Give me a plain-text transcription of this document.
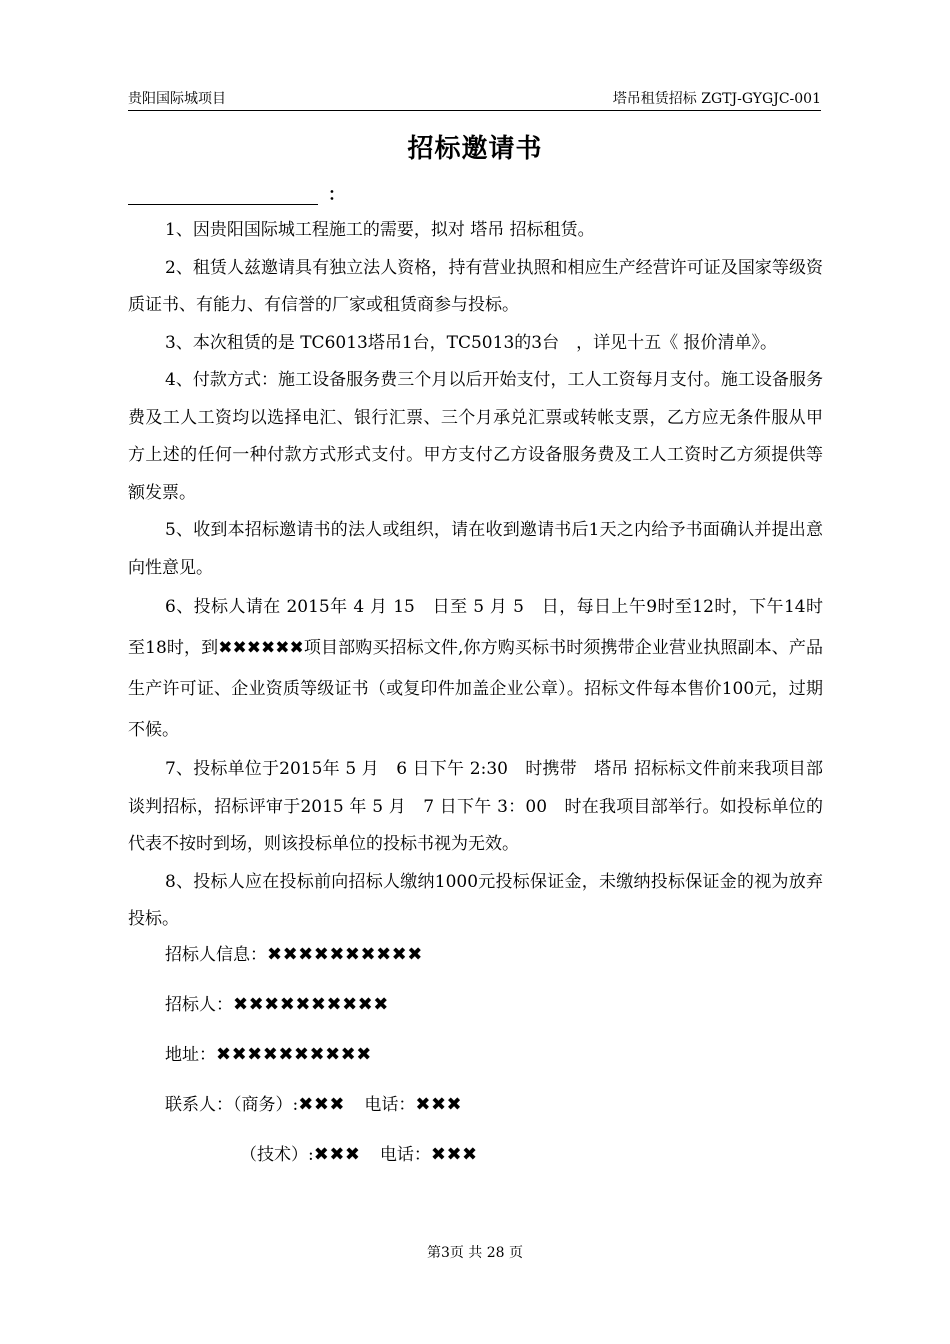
贵阳国际城项目	塔吊租赁招标 ZGTJ-GYGJC-001
招标邀请书
：

1、因贵阳国际城工程施工的需要，拟对 塔吊 招标租赁。

2、租赁人兹邀请具有独立法人资格，持有营业执照和相应生产经营许可证及国家等级资质证书、有能力、有信誉的厂家或租赁商参与投标。

3、本次租赁的是 TC6013塔吊1台，TC5013的3台　，详见十五《 报价清单》。

4、付款方式：施工设备服务费三个月以后开始支付，工人工资每月支付。施工设备服务费及工人工资均以选择电汇、银行汇票、三个月承兑汇票或转帐支票，乙方应无条件服从甲方上述的任何一种付款方式形式支付。甲方支付乙方设备服务费及工人工资时乙方须提供等额发票。

5、收到本招标邀请书的法人或组织，请在收到邀请书后1天之内给予书面确认并提出意向性意见。

6、投标人请在 2015年 4 月 15　日至 5 月 5　日，每日上午9时至12时，下午14时至18时，到✖✖✖✖✖✖项目部购买招标文件,你方购买标书时须携带企业营业执照副本、产品生产许可证、企业资质等级证书（或复印件加盖企业公章）。招标文件每本售价100元，过期不候。

7、投标单位于2015年 5 月　6 日下午 2:30　时携带　塔吊 招标标文件前来我项目部谈判招标，招标评审于2015 年 5 月　7 日下午 3：00　时在我项目部举行。如投标单位的代表不按时到场，则该投标单位的投标书视为无效。

8、投标人应在投标前向招标人缴纳1000元投标保证金，未缴纳投标保证金的视为放弃投标。

招标人信息：✖✖✖✖✖✖✖✖✖✖
招标人：✖✖✖✖✖✖✖✖✖✖
地址：✖✖✖✖✖✖✖✖✖✖
联系人：（商务）:✖✖✖ 电话：✖✖✖
（技术）:✖✖✖ 电话：✖✖✖
第3页 共 28 页
